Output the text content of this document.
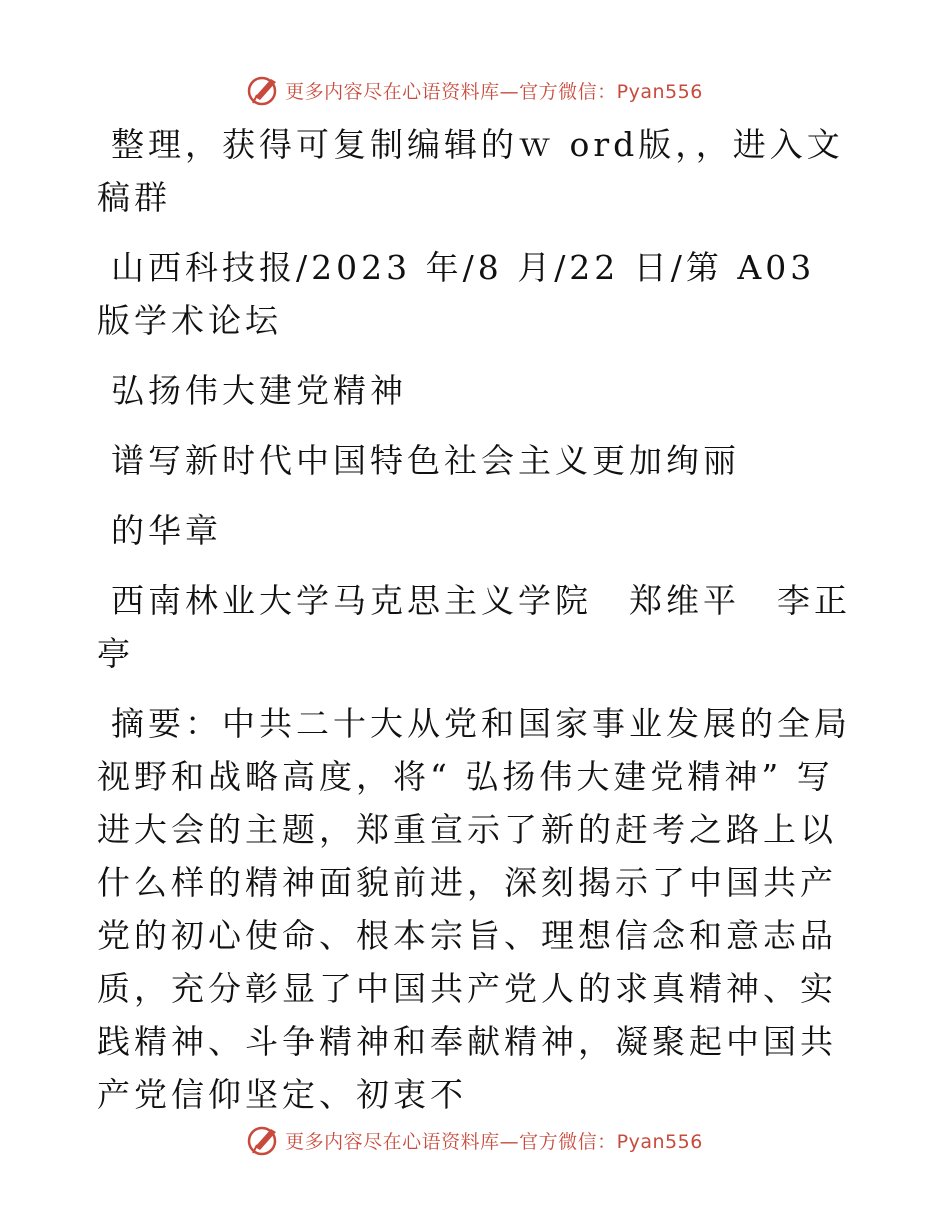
更多内容尽在心语资料库—官方微信：Pyan556

整理，获得可复制编辑的ｗ ord版，，进入文稿群

山西科技报/2023 年/8 月/22 日/第 A03 版学术论坛

弘扬伟大建党精神

谱写新时代中国特色社会主义更加绚丽

的华章

西南林业大学马克思主义学院　郑维平　李正亭

摘要：中共二十大从党和国家事业发展的全局视野和战略高度，将“ 弘扬伟大建党精神” 写进大会的主题，郑重宣示了新的赶考之路上以什么样的精神面貌前进，深刻揭示了中国共产党的初心使命、根本宗旨、理想信念和意志品质，充分彰显了中国共产党人的求真精神、实践精神、斗争精神和奉献精神，凝聚起中国共产党信仰坚定、初衷不

更多内容尽在心语资料库—官方微信：Pyan556
